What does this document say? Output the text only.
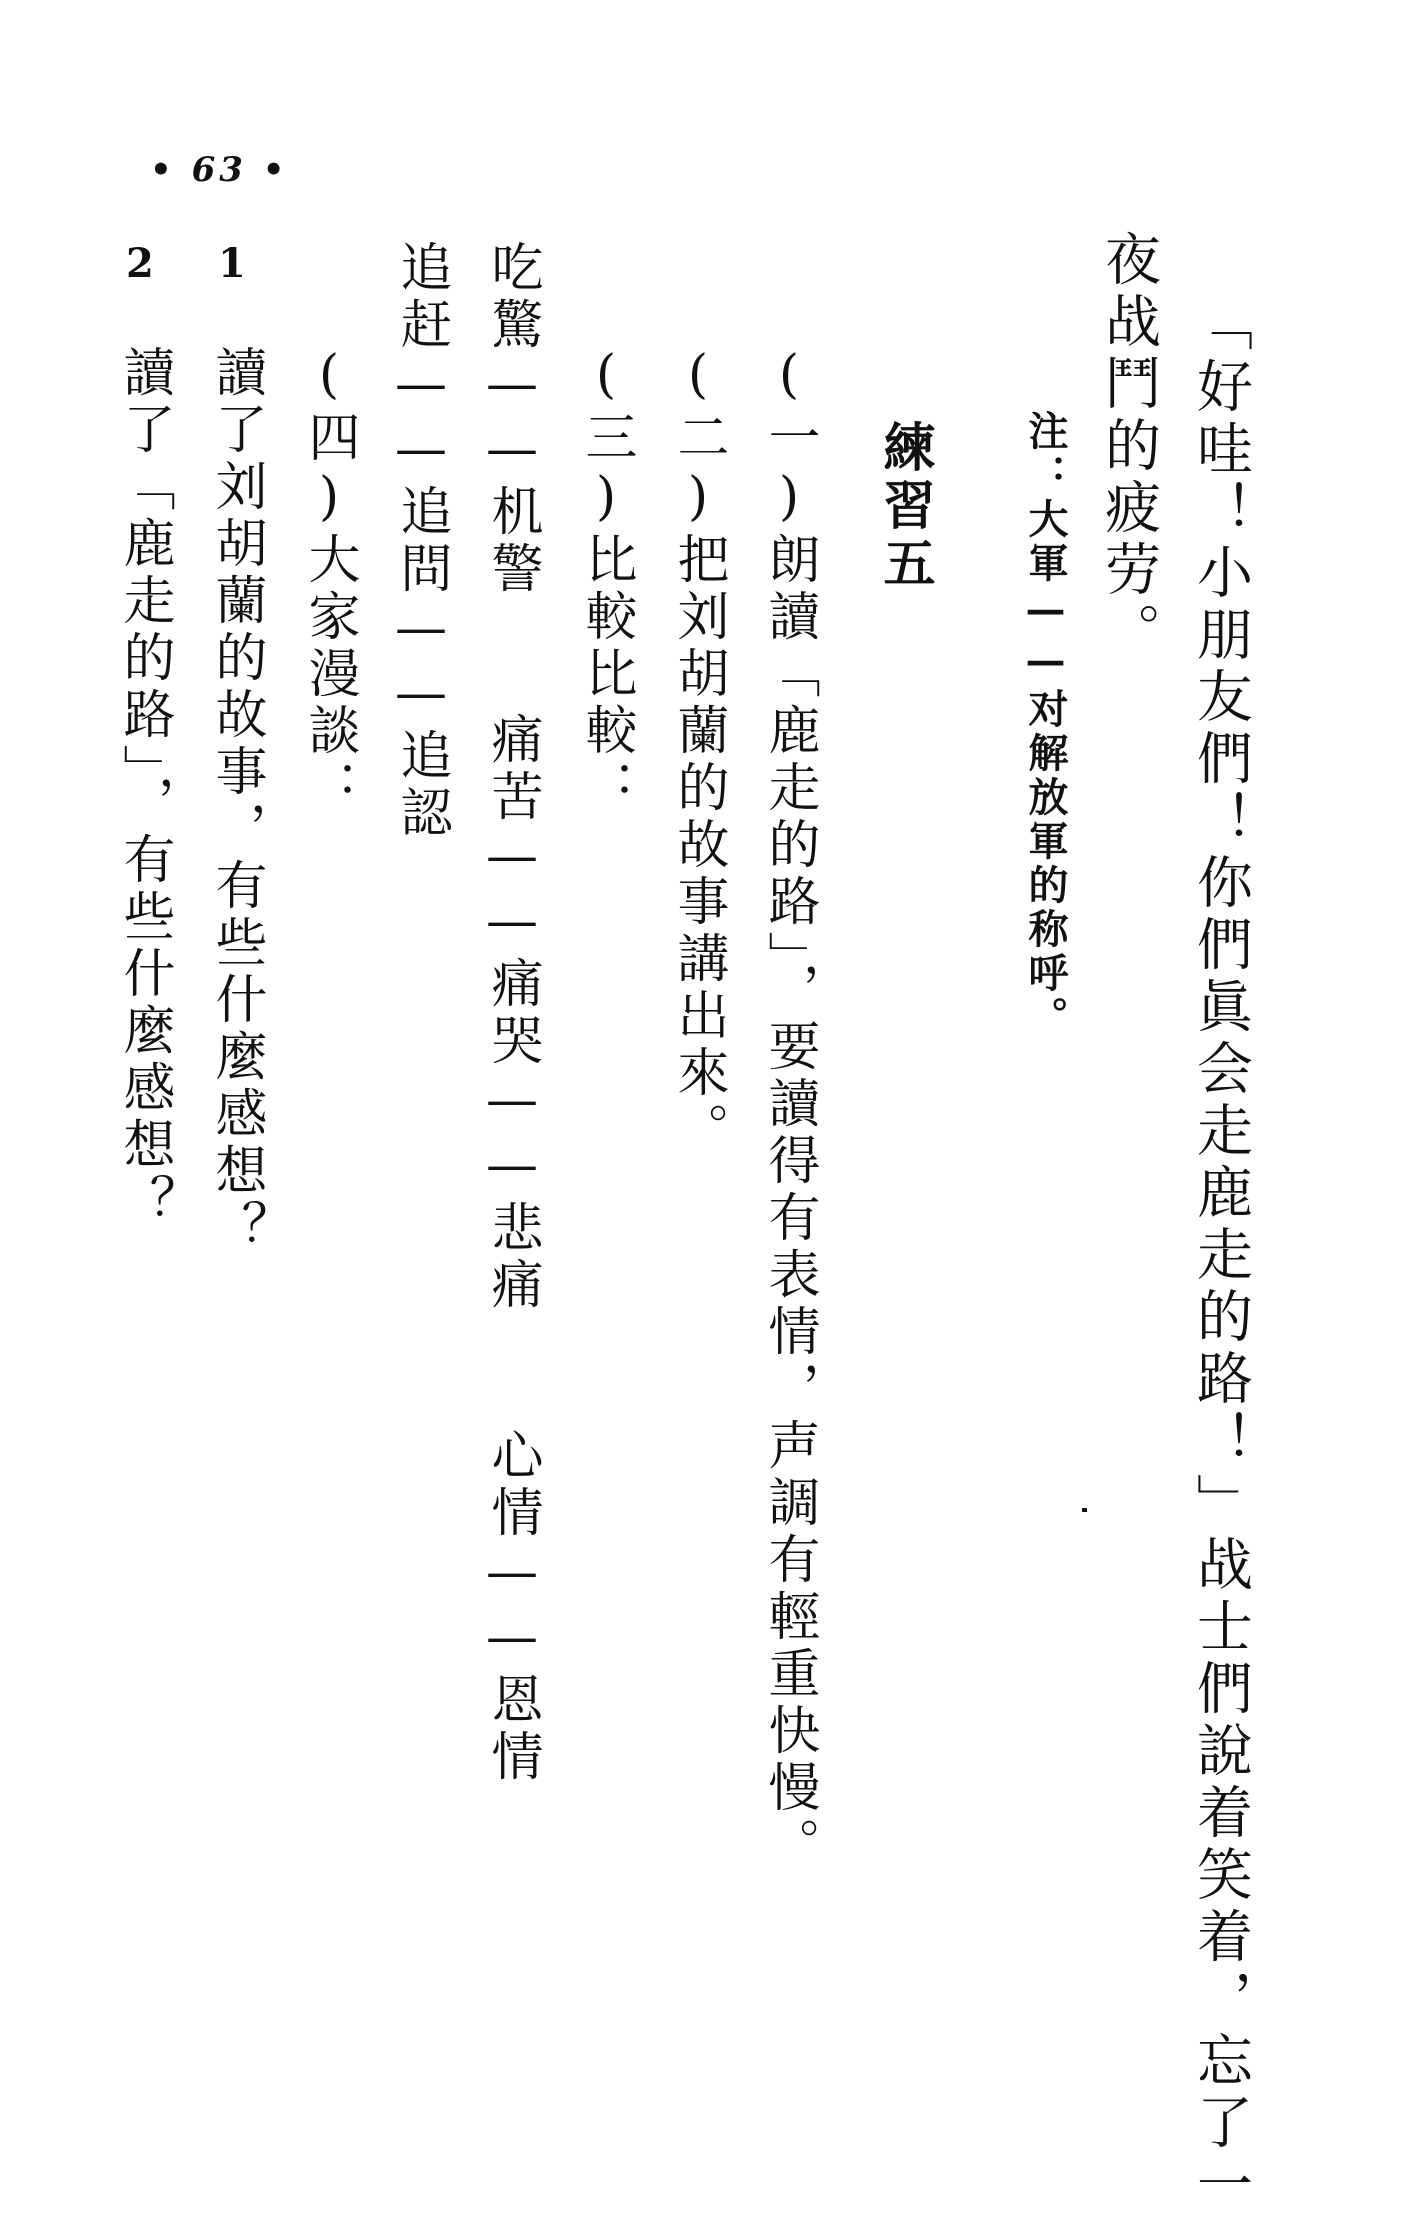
• 63 •
「好哇！小朋友們！你們眞会走鹿走的路！」战士們說着笑着，忘了一
夜战鬥的疲劳。
注：大軍——对解放軍的称呼。
練習五
(一)朗讀「鹿走的路」，要讀得有表情，声調有輕重快慢。
(二)把刘胡蘭的故事講出來。
(三)比較比較：
吃驚——机警　　痛苦——痛哭——悲痛　　心情——恩情
追赶——追問——追認
(四)大家漫談：
1
讀了刘胡蘭的故事，有些什麼感想？
2
讀了「鹿走的路」，有些什麼感想？
